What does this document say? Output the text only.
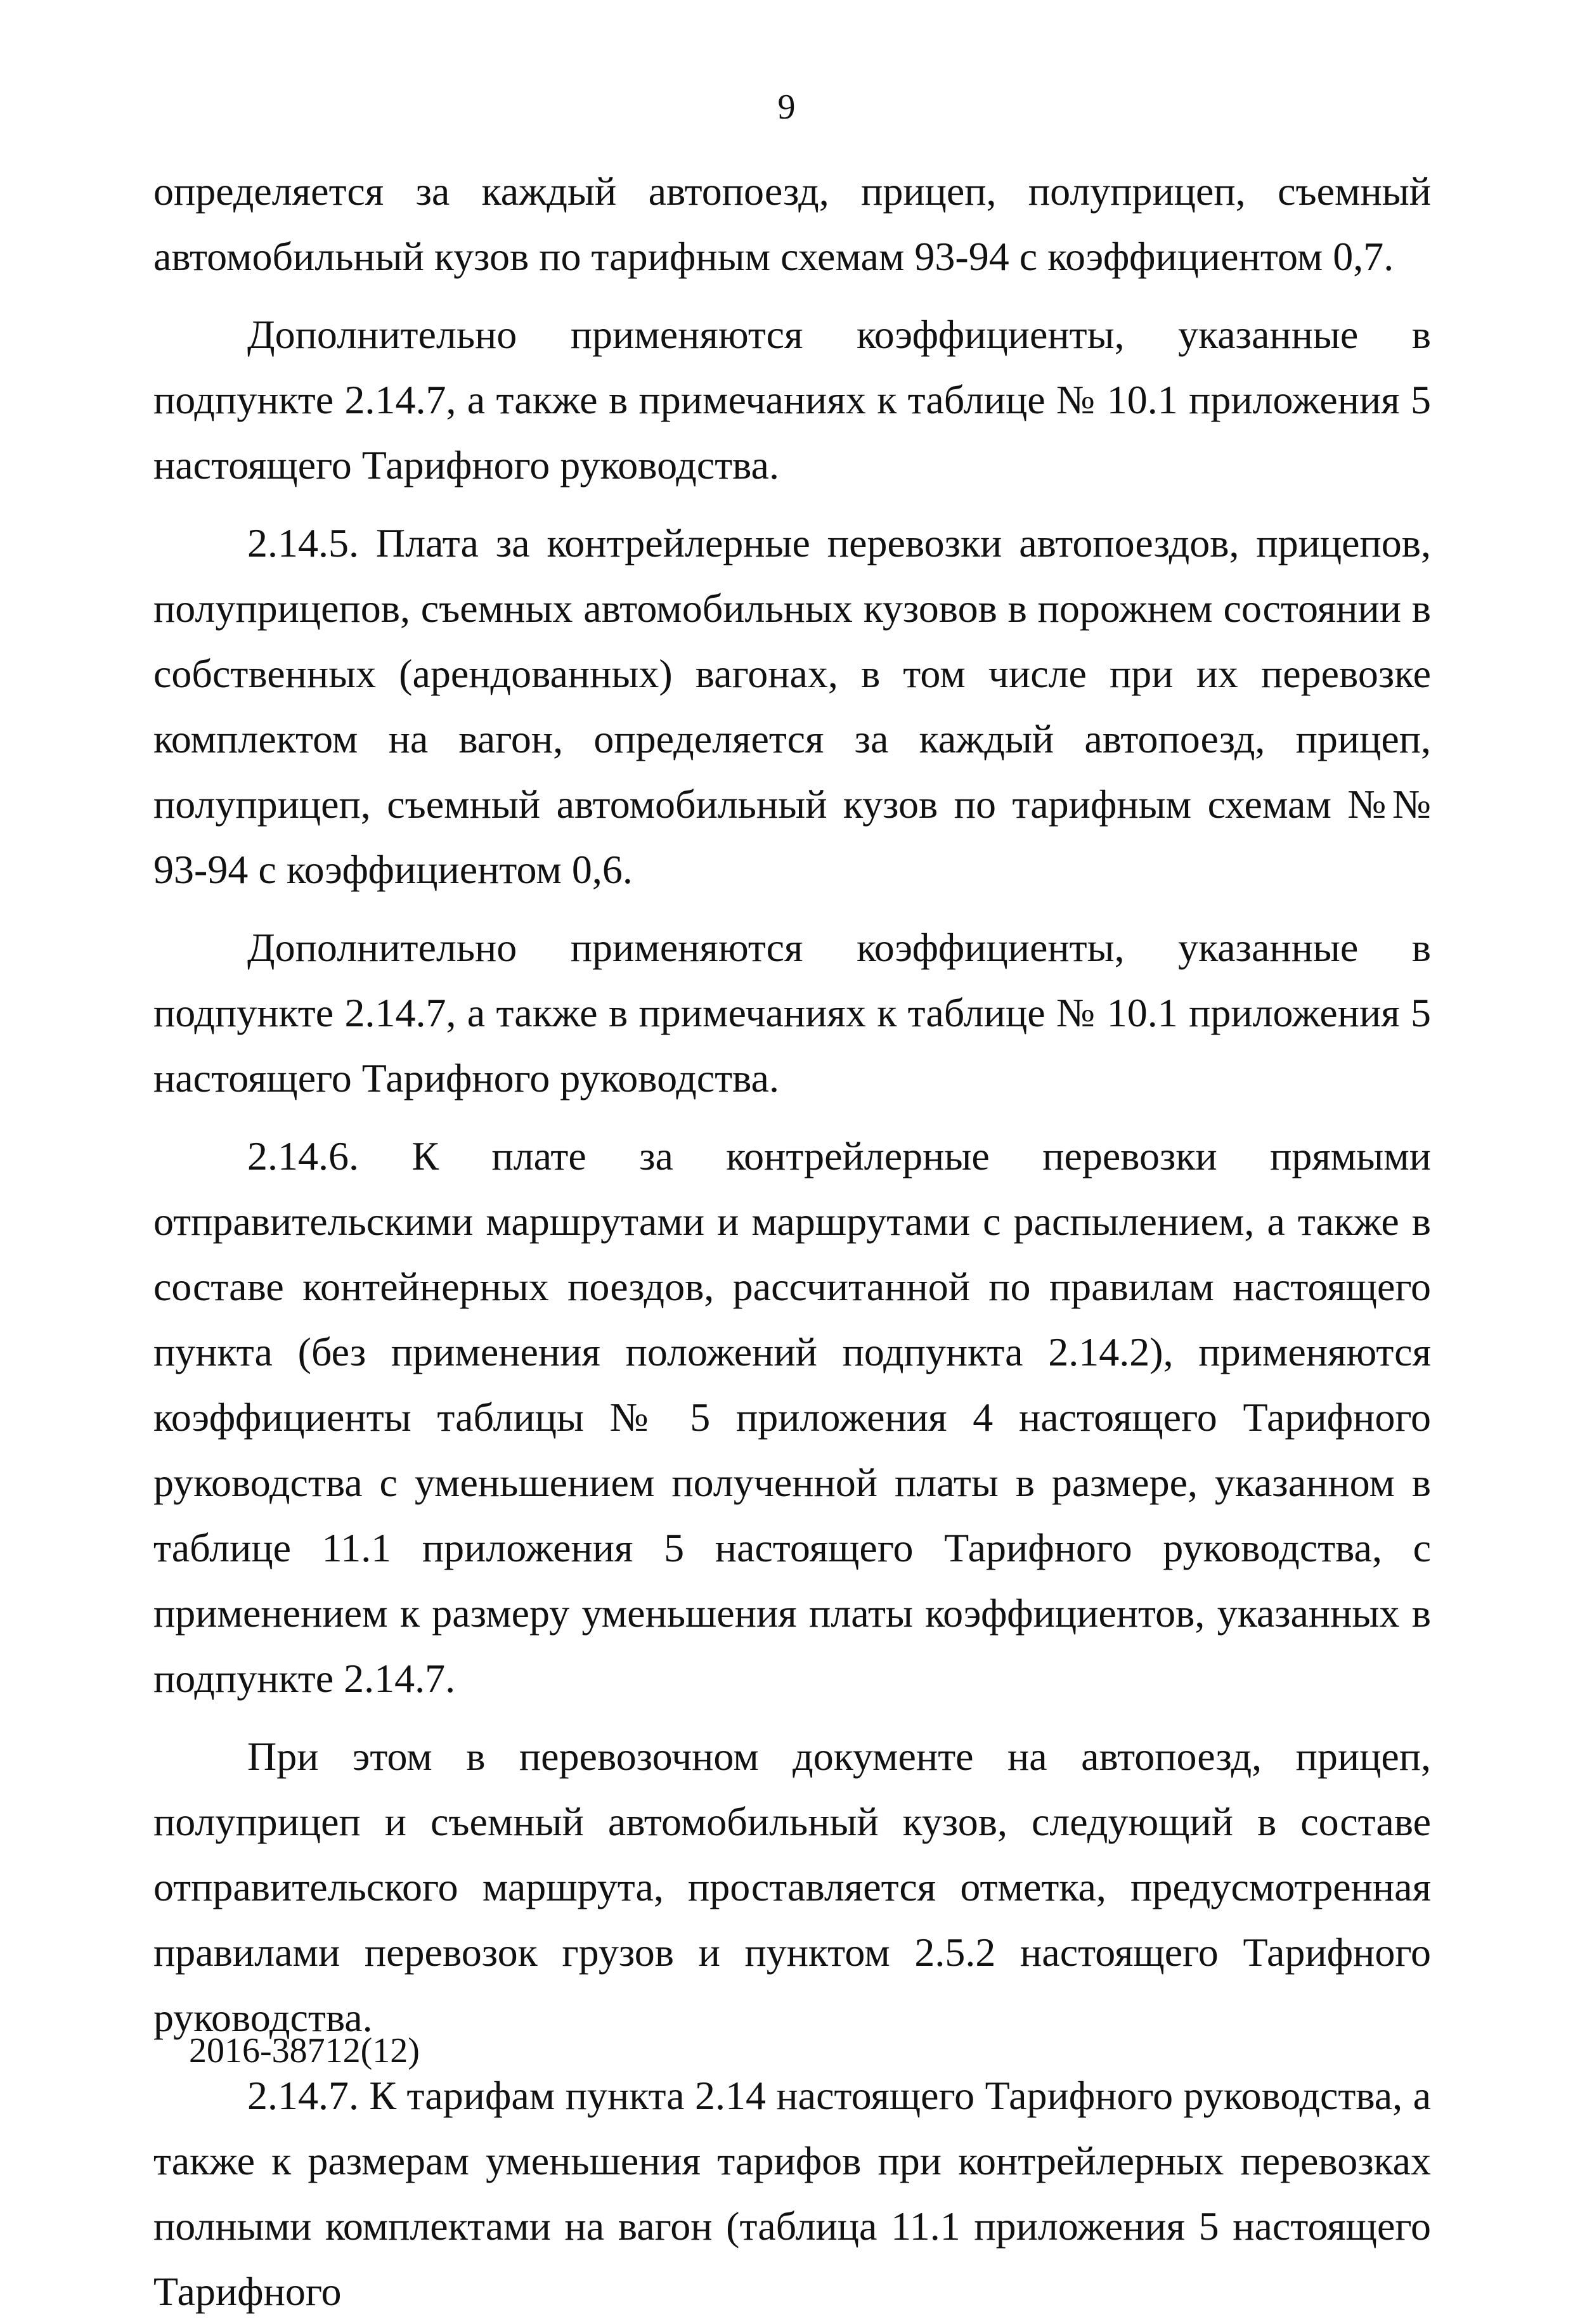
9

определяется за каждый автопоезд, прицеп, полуприцеп, съемный автомобильный кузов по тарифным схемам 93-94 с коэффициентом 0,7.

Дополнительно применяются коэффициенты, указанные в подпункте 2.14.7, а также в примечаниях к таблице № 10.1 приложения 5 настоящего Тарифного руководства.

2.14.5. Плата за контрейлерные перевозки автопоездов, прицепов, полуприцепов, съемных автомобильных кузовов в порожнем состоянии в собственных (арендованных) вагонах, в том числе при их перевозке комплектом на вагон, определяется за каждый автопоезд, прицеп, полуприцеп, съемный автомобильный кузов по тарифным схемам №№ 93-94 с коэффициентом 0,6.

Дополнительно применяются коэффициенты, указанные в подпункте 2.14.7, а также в примечаниях к таблице № 10.1 приложения 5 настоящего Тарифного руководства.

2.14.6. К плате за контрейлерные перевозки прямыми отправительскими маршрутами и маршрутами с распылением, а также в составе контейнерных поездов, рассчитанной по правилам настоящего пункта (без применения положений подпункта 2.14.2), применяются коэффициенты таблицы № 5 приложения 4 настоящего Тарифного руководства с уменьшением полученной платы в размере, указанном в таблице 11.1 приложения 5 настоящего Тарифного руководства, с применением к размеру уменьшения платы коэффициентов, указанных в подпункте 2.14.7.

При этом в перевозочном документе на автопоезд, прицеп, полуприцеп и съемный автомобильный кузов, следующий в составе отправительского маршрута, проставляется отметка, предусмотренная правилами перевозок грузов и пунктом 2.5.2 настоящего Тарифного руководства.

2.14.7. К тарифам пункта 2.14 настоящего Тарифного руководства, а также к размерам уменьшения тарифов при контрейлерных перевозках полными комплектами на вагон (таблица 11.1 приложения 5 настоящего Тарифного

2016-38712(12)
